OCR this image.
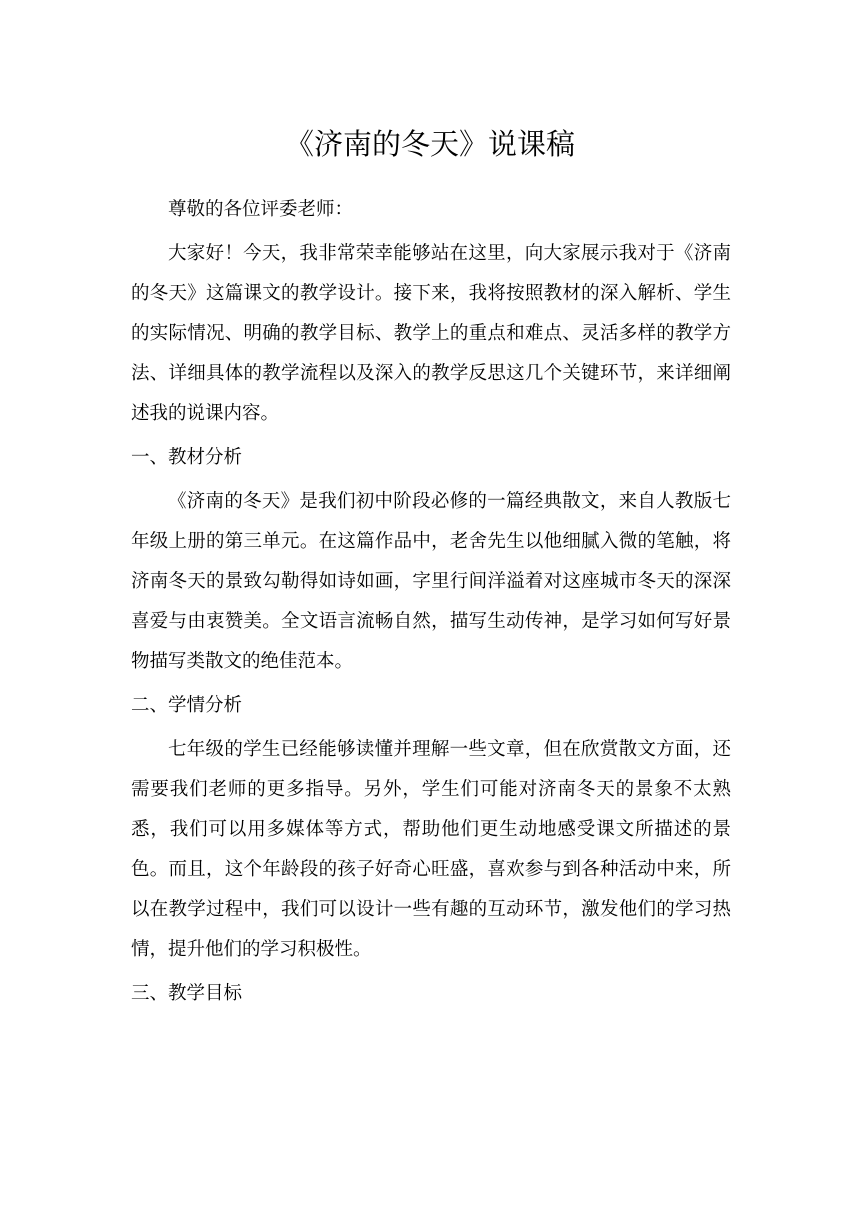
《济南的冬天》说课稿

尊敬的各位评委老师：

大家好！今天，我非常荣幸能够站在这里，向大家展示我对于《济南的冬天》这篇课文的教学设计。接下来，我将按照教材的深入解析、学生的实际情况、明确的教学目标、教学上的重点和难点、灵活多样的教学方法、详细具体的教学流程以及深入的教学反思这几个关键环节，来详细阐述我的说课内容。

一、教材分析

《济南的冬天》是我们初中阶段必修的一篇经典散文，来自人教版七年级上册的第三单元。在这篇作品中，老舍先生以他细腻入微的笔触，将济南冬天的景致勾勒得如诗如画，字里行间洋溢着对这座城市冬天的深深喜爱与由衷赞美。全文语言流畅自然，描写生动传神，是学习如何写好景物描写类散文的绝佳范本。

二、学情分析

七年级的学生已经能够读懂并理解一些文章，但在欣赏散文方面，还需要我们老师的更多指导。另外，学生们可能对济南冬天的景象不太熟悉，我们可以用多媒体等方式，帮助他们更生动地感受课文所描述的景色。而且，这个年龄段的孩子好奇心旺盛，喜欢参与到各种活动中来，所以在教学过程中，我们可以设计一些有趣的互动环节，激发他们的学习热情，提升他们的学习积极性。

三、教学目标
